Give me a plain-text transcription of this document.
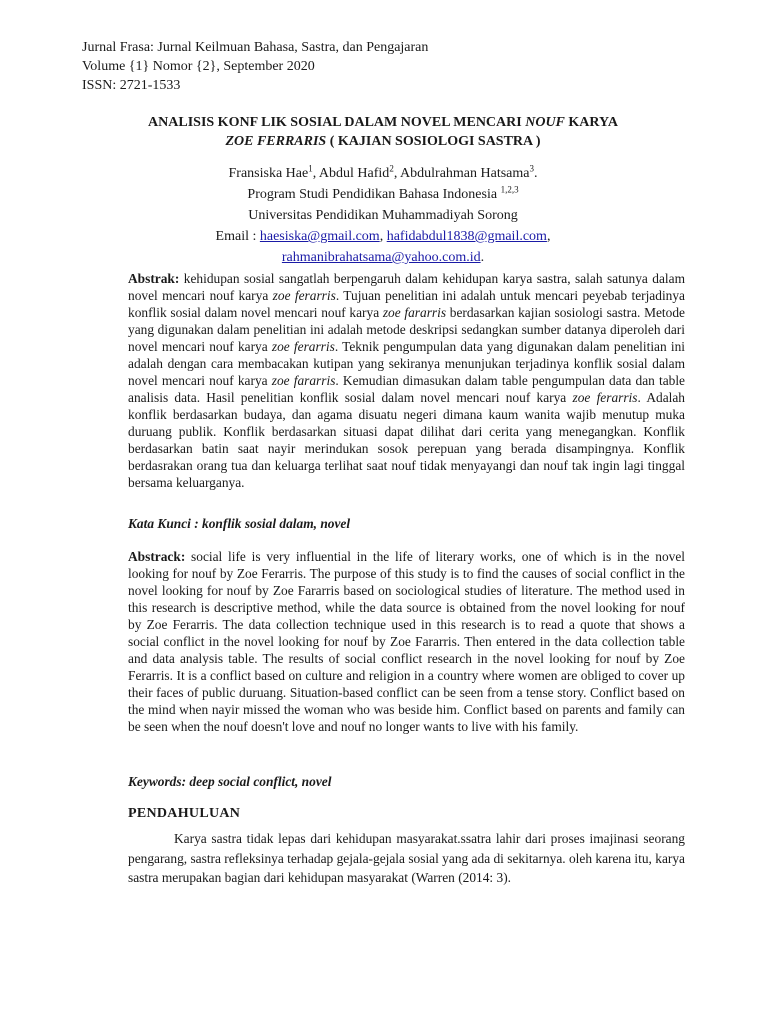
Jurnal Frasa: Jurnal Keilmuan Bahasa, Sastra, dan Pengajaran
Volume {1} Nomor {2}, September 2020
ISSN: 2721-1533
ANALISIS KONF LIK SOSIAL DALAM NOVEL MENCARI NOUF KARYA
ZOE FERRARIS ( KAJIAN SOSIOLOGI SASTRA )
Fransiska Hae$^1$, Abdul Hafid$^2$, Abdulrahman Hatsama$^3$.
Program Studi Pendidikan Bahasa Indonesia $^{1,2,3}$
Universitas Pendidikan Muhammadiyah Sorong
Email : haesiska@gmail.com, hafidabdul1838@gmail.com,
rahmanibrahatsama@yahoo.com.id.
Abstrak: kehidupan sosial sangatlah berpengaruh dalam kehidupan karya sastra, salah satunya dalam novel mencari nouf karya zoe ferarris. Tujuan penelitian ini adalah untuk mencari peyebab terjadinya konflik sosial dalam novel mencari nouf karya zoe fararris berdasarkan kajian sosiologi sastra. Metode yang digunakan dalam penelitian ini adalah metode deskripsi sedangkan sumber datanya diperoleh dari novel mencari nouf karya zoe ferarris. Teknik pengumpulan data yang digunakan dalam penelitian ini adalah dengan cara membacakan kutipan yang sekiranya menunjukan terjadinya konflik sosial dalam novel mencari nouf karya zoe fararris. Kemudian dimasukan dalam table pengumpulan data dan table analisis data. Hasil penelitian konflik sosial dalam novel mencari nouf karya zoe ferarris. Adalah konflik berdasarkan budaya, dan agama disuatu negeri dimana kaum wanita wajib menutup muka duruang publik. Konflik berdasarkan situasi dapat dilihat dari cerita yang menegangkan. Konflik berdasarkan batin saat nayir merindukan sosok perepuan yang berada disampingnya. Konflik berdasrakan orang tua dan keluarga terlihat saat nouf tidak menyayangi dan nouf tak ingin lagi tinggal bersama keluarganya.
Kata Kunci : konflik sosial dalam, novel
Abstrack: social life is very influential in the life of literary works, one of which is in the novel looking for nouf by Zoe Ferarris. The purpose of this study is to find the causes of social conflict in the novel looking for nouf by Zoe Fararris based on sociological studies of literature. The method used in this research is descriptive method, while the data source is obtained from the novel looking for nouf by Zoe Ferarris. The data collection technique used in this research is to read a quote that shows a social conflict in the novel looking for nouf by Zoe Fararris. Then entered in the data collection table and data analysis table. The results of social conflict research in the novel looking for nouf by Zoe Ferarris. It is a conflict based on culture and religion in a country where women are obliged to cover up their faces of public duruang. Situation-based conflict can be seen from a tense story. Conflict based on the mind when nayir missed the woman who was beside him. Conflict based on parents and family can be seen when the nouf doesn't love and nouf no longer wants to live with his family.
Keywords: deep social conflict, novel
PENDAHULUAN
Karya sastra tidak lepas dari kehidupan masyarakat.ssatra lahir dari proses imajinasi seorang pengarang, sastra refleksinya terhadap gejala-gejala sosial yang ada di sekitarnya. oleh karena itu, karya sastra merupakan bagian dari kehidupan masyarakat (Warren (2014: 3).
